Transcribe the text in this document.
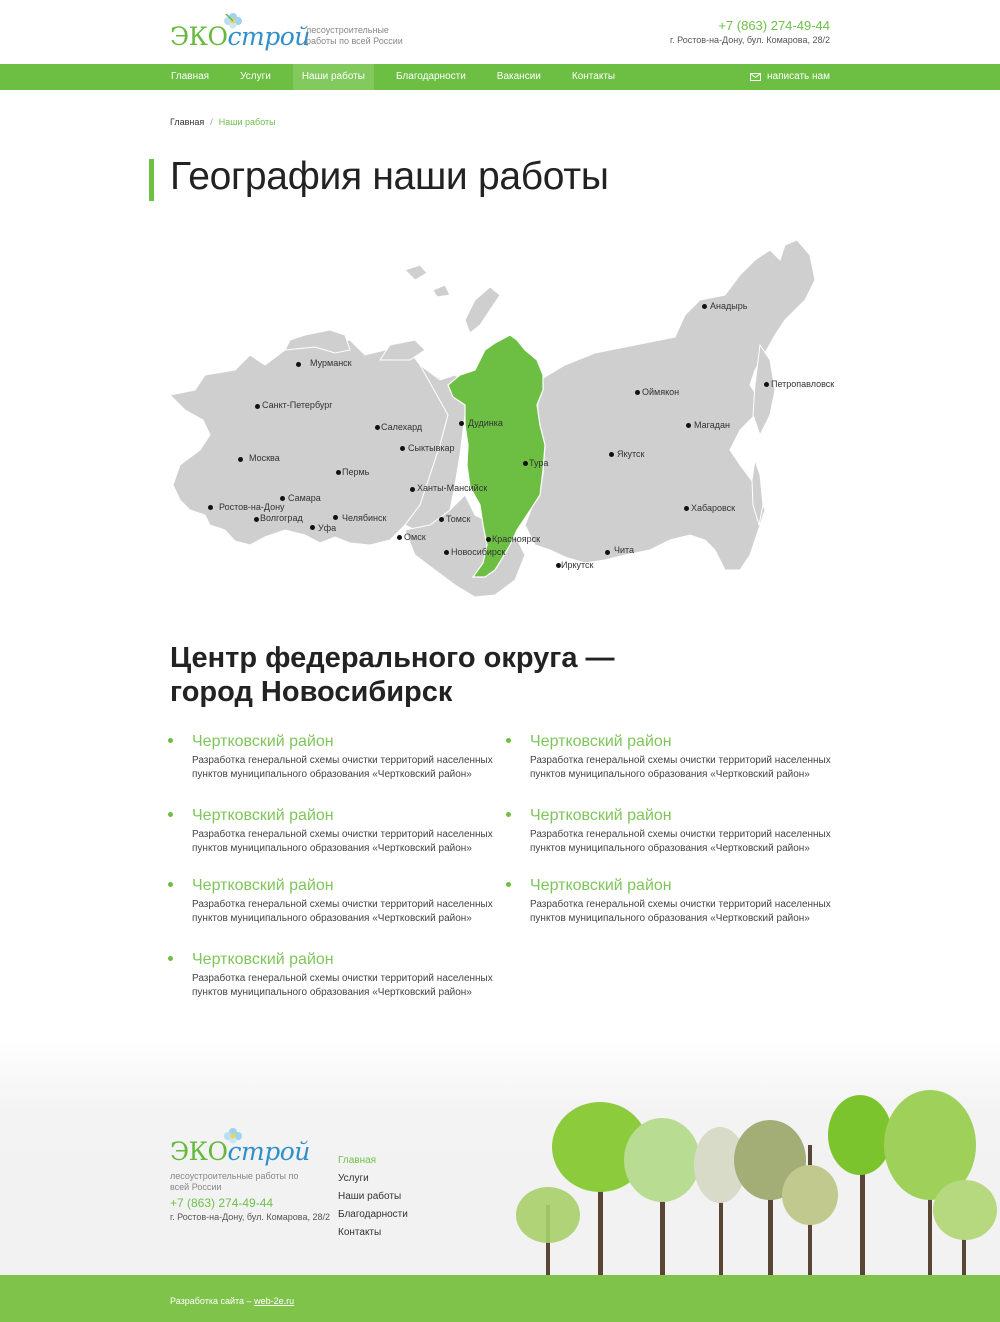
ЭКОстрой
лесоустроительные работы по всей России
+7 (863) 274-49-44
г. Ростов-на-Дону, бул. Комарова, 28/2
Главная	Услуги	Наши работы	Благодарности	Вакансии	Контакты	написать нам
Главная / Наши работы
География наши работы
Мурманск
Санкт-Петербург
Москва
Самара
Ростов-на-Дону
Волгоград
Уфа
Челябинск
Пермь
Салехард
Сыктывкар
Ханты-Мансийск
Омск
Томск
Новосибирск
Дудинка
Тура
Красноярск
Иркутск
Чита
Якутск
Оймякон
Магадан
Хабаровск
Анадырь
Петропавловск
Центр федерального округа — город Новосибирск
Чертковский район
Разработка генеральной схемы очистки территорий населенных пунктов муниципального образования «Чертковский район»
Чертковский район
Разработка генеральной схемы очистки территорий населенных пунктов муниципального образования «Чертковский район»
Чертковский район
Разработка генеральной схемы очистки территорий населенных пунктов муниципального образования «Чертковский район»
Чертковский район
Разработка генеральной схемы очистки территорий населенных пунктов муниципального образования «Чертковский район»
Чертковский район
Разработка генеральной схемы очистки территорий населенных пунктов муниципального образования «Чертковский район»
Чертковский район
Разработка генеральной схемы очистки территорий населенных пунктов муниципального образования «Чертковский район»
Чертковский район
Разработка генеральной схемы очистки территорий населенных пунктов муниципального образования «Чертковский район»
ЭКОстрой
лесоустроительные работы по всей России
+7 (863) 274-49-44
г. Ростов-на-Дону, бул. Комарова, 28/2
Главная
Услуги
Наши работы
Благодарности
Контакты
Разработка сайта – web-2e.ru
